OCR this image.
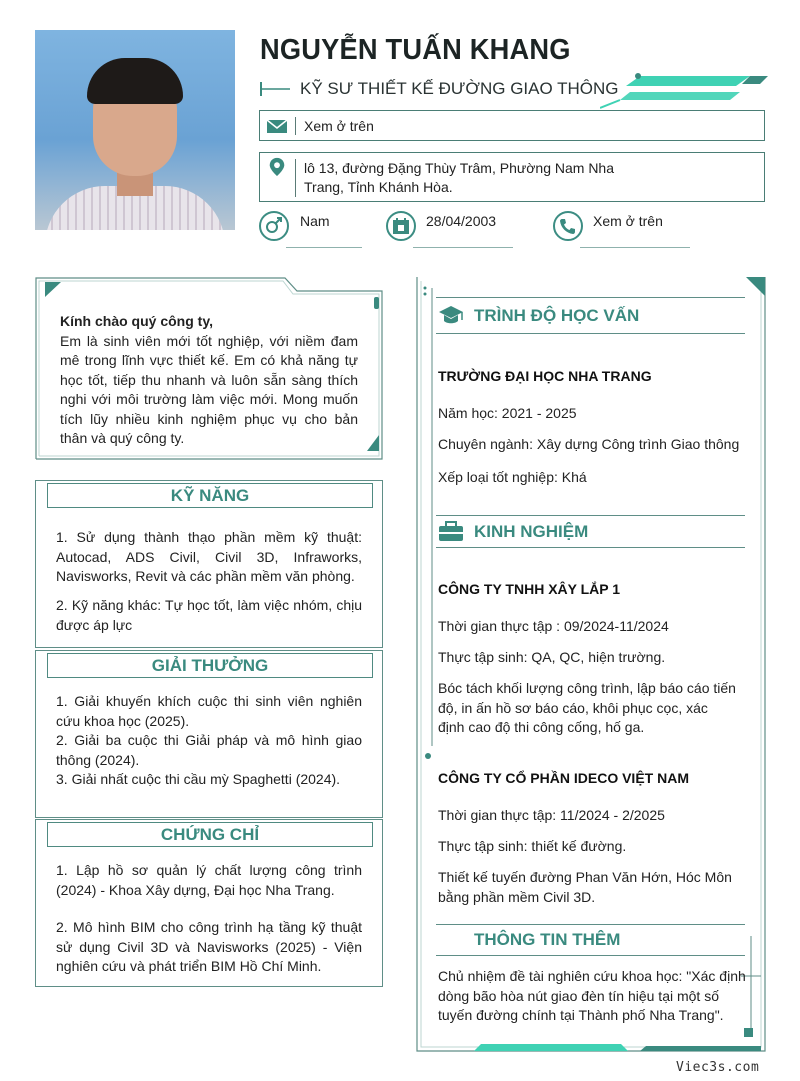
NGUYỄN TUẤN KHANG
KỸ SƯ THIẾT KẾ ĐƯỜNG GIAO THÔNG
Xem ở trên
lô 13, đường Đặng Thùy Trâm, Phường Nam Nha Trang, Tỉnh Khánh Hòa.
Nam	28/04/2003	Xem ở trên
Kính chào quý công ty,
Em là sinh viên mới tốt nghiệp, với niềm đam mê trong lĩnh vực thiết kế. Em có khả năng tự học tốt, tiếp thu nhanh và luôn sẵn sàng thích nghi với môi trường làm việc mới. Mong muốn tích lũy nhiều kinh nghiệm phục vụ cho bản thân và quý công ty.
KỸ NĂNG
1. Sử dụng thành thạo phần mềm kỹ thuật: Autocad, ADS Civil, Civil 3D, Infraworks, Navisworks, Revit và các phần mềm văn phòng.
2. Kỹ năng khác: Tự học tốt, làm việc nhóm, chịu được áp lực
GIẢI THƯỞNG
1. Giải khuyến khích cuộc thi sinh viên nghiên cứu khoa học (2025).
2. Giải ba cuộc thi Giải pháp và mô hình giao thông (2024).
3. Giải nhất cuộc thi cầu mỳ Spaghetti (2024).
CHỨNG CHỈ
1. Lập hồ sơ quản lý chất lượng công trình (2024) - Khoa Xây dựng, Đại học Nha Trang.
2. Mô hình BIM cho công trình hạ tầng kỹ thuật sử dụng Civil 3D và Navisworks (2025) - Viện nghiên cứu và phát triển BIM Hồ Chí Minh.
TRÌNH ĐỘ HỌC VẤN
TRƯỜNG ĐẠI HỌC NHA TRANG
Năm học: 2021 - 2025
Chuyên ngành: Xây dựng Công trình Giao thông
Xếp loại tốt nghiệp: Khá
KINH NGHIỆM
CÔNG TY TNHH XÂY LẮP 1
Thời gian thực tập : 09/2024-11/2024
Thực tập sinh: QA, QC, hiện trường.
Bóc tách khối lượng công trình, lập báo cáo tiến độ, in ấn hồ sơ báo cáo, khôi phục cọc, xác định cao độ thi công cống, hố ga.
CÔNG TY CỔ PHẦN IDECO VIỆT NAM
Thời gian thực tập: 11/2024 - 2/2025
Thực tập sinh: thiết kế đường.
Thiết kế tuyến đường Phan Văn Hớn, Hóc Môn bằng phần mềm Civil 3D.
THÔNG TIN THÊM
Chủ nhiệm đề tài nghiên cứu khoa học: "Xác định dòng bão hòa nút giao đèn tín hiệu tại một số tuyến đường chính tại Thành phố Nha Trang".
Viec3s.com
